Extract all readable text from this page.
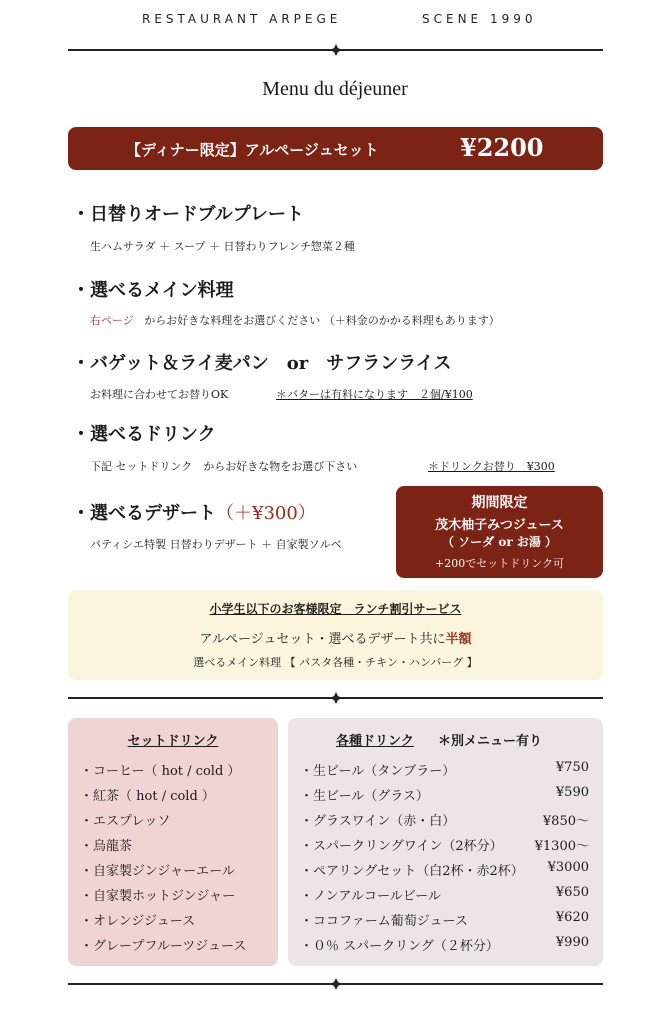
RESTAURANT ARPEGE	SCENE 1990
Menu du déjeuner
【ディナー限定】アルページュセット	¥2200
・日替りオードブルプレート
生ハムサラダ ＋ スープ ＋ 日替わりフレンチ惣菜２種
・選べるメイン料理
右ページ からお好きな料理をお選びください （＋料金のかかる料理もあります）
・バゲット＆ライ麦パン　or　サフランライス
お料理に合わせてお替りOK	＊バターは有料になります　２個/¥100
・選べるドリンク
下記 セットドリンク　からお好きな物をお選び下さい	＊ドリンクお替り　¥300
・選べるデザート（＋¥300）
パティシエ特製 日替わりデザート ＋ 自家製ソルベ
期間限定
茂木柚子みつジュース
（ ソーダ or お湯 ）
+200でセットドリンク可
小学生以下のお客様限定　ランチ割引サービス
アルページュセット・選べるデザート共に半額
選べるメイン料理 【 パスタ各種・チキン・ハンバーグ 】
セットドリンク
・コーヒー（ hot / cold ）
・紅茶（ hot / cold ）
・エスプレッソ
・烏龍茶
・自家製ジンジャーエール
・自家製ホットジンジャー
・オレンジジュース
・グレープフルーツジュース
各種ドリンク ＊別メニュー有り
・生ビール（タンブラー）	¥750
・生ビール（グラス）	¥590
・グラスワイン（赤・白）	¥850～
・スパークリングワイン（2杯分） ¥1300～
・ペアリングセット（白2杯・赤2杯） ¥3000
・ノンアルコールビール	¥650
・ココファーム葡萄ジュース	¥620
・０％ スパークリング（２杯分）	¥990
